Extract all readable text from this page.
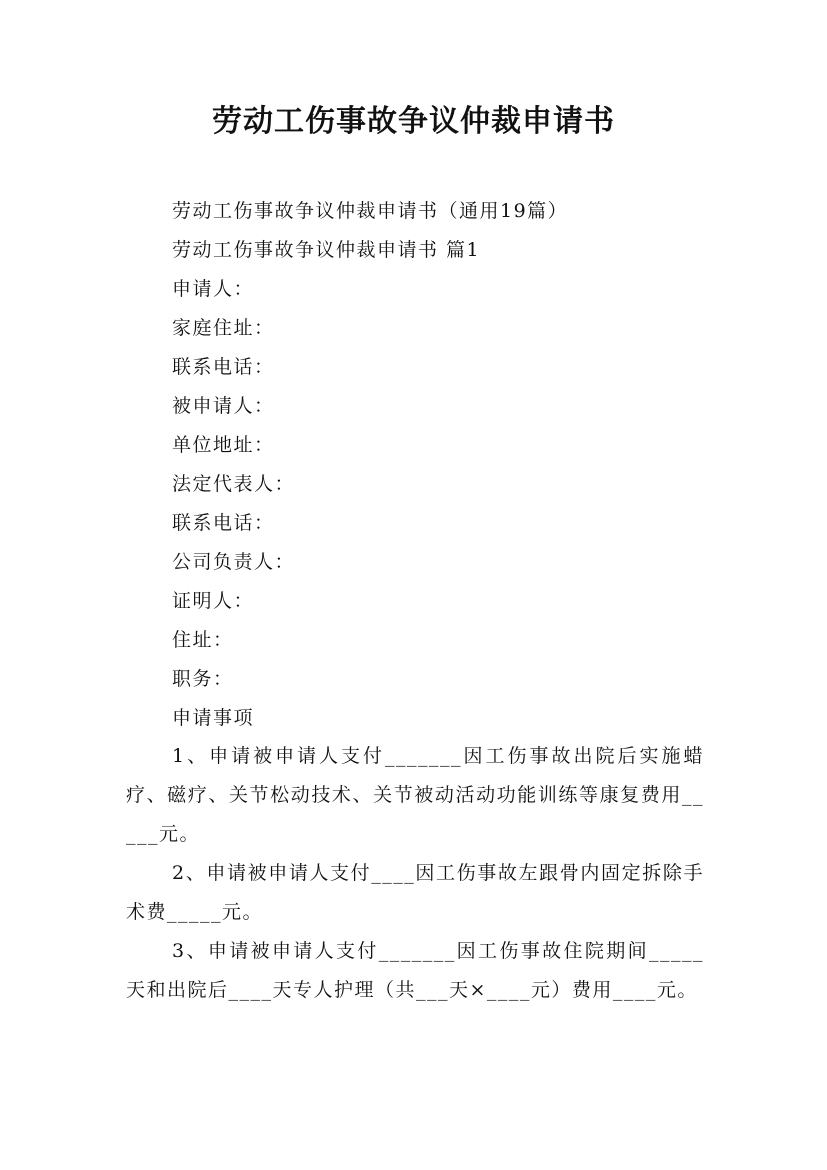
劳动工伤事故争议仲裁申请书
劳动工伤事故争议仲裁申请书（通用19篇）
劳动工伤事故争议仲裁申请书 篇1
申请人：
家庭住址：
联系电话：
被申请人：
单位地址：
法定代表人：
联系电话：
公司负责人：
证明人：
住址：
职务：
申请事项
1、申请被申请人支付_______因工伤事故出院后实施蜡疗、磁疗、关节松动技术、关节被动活动功能训练等康复费用_____元。
2、申请被申请人支付____因工伤事故左跟骨内固定拆除手术费_____元。
3、申请被申请人支付_______因工伤事故住院期间_____天和出院后____天专人护理（共___天×____元）费用____元。
